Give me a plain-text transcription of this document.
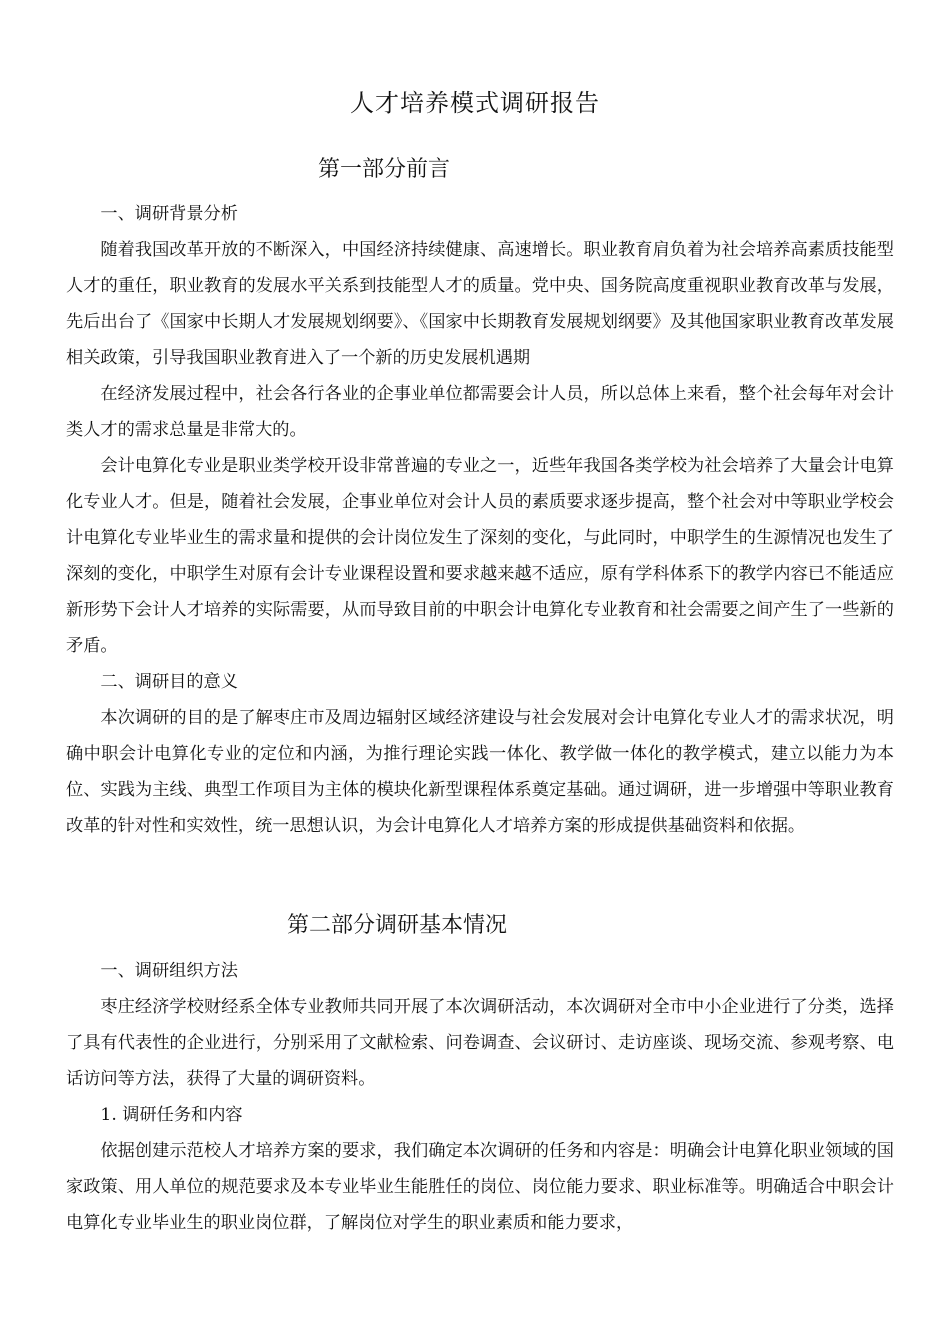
人才培养模式调研报告
第一部分前言

一、调研背景分析

随着我国改革开放的不断深入，中国经济持续健康、高速增长。职业教育肩负着为社会培养高素质技能型人才的重任，职业教育的发展水平关系到技能型人才的质量。党中央、国务院高度重视职业教育改革与发展，先后出台了《国家中长期人才发展规划纲要》、《国家中长期教育发展规划纲要》及其他国家职业教育改革发展相关政策，引导我国职业教育进入了一个新的历史发展机遇期

在经济发展过程中，社会各行各业的企事业单位都需要会计人员，所以总体上来看，整个社会每年对会计类人才的需求总量是非常大的。

会计电算化专业是职业类学校开设非常普遍的专业之一，近些年我国各类学校为社会培养了大量会计电算化专业人才。但是，随着社会发展，企事业单位对会计人员的素质要求逐步提高，整个社会对中等职业学校会计电算化专业毕业生的需求量和提供的会计岗位发生了深刻的变化，与此同时，中职学生的生源情况也发生了深刻的变化，中职学生对原有会计专业课程设置和要求越来越不适应，原有学科体系下的教学内容已不能适应新形势下会计人才培养的实际需要，从而导致目前的中职会计电算化专业教育和社会需要之间产生了一些新的矛盾。

二、调研目的意义

本次调研的目的是了解枣庄市及周边辐射区域经济建设与社会发展对会计电算化专业人才的需求状况，明确中职会计电算化专业的定位和内涵，为推行理论实践一体化、教学做一体化的教学模式，建立以能力为本位、实践为主线、典型工作项目为主体的模块化新型课程体系奠定基础。通过调研，进一步增强中等职业教育改革的针对性和实效性，统一思想认识，为会计电算化人才培养方案的形成提供基础资料和依据。

第二部分调研基本情况

一、调研组织方法

枣庄经济学校财经系全体专业教师共同开展了本次调研活动，本次调研对全市中小企业进行了分类，选择了具有代表性的企业进行，分别采用了文献检索、问卷调查、会议研讨、走访座谈、现场交流、参观考察、电话访问等方法，获得了大量的调研资料。

1. 调研任务和内容

依据创建示范校人才培养方案的要求，我们确定本次调研的任务和内容是：明确会计电算化职业领域的国家政策、用人单位的规范要求及本专业毕业生能胜任的岗位、岗位能力要求、职业标准等。明确适合中职会计电算化专业毕业生的职业岗位群，了解岗位对学生的职业素质和能力要求，
